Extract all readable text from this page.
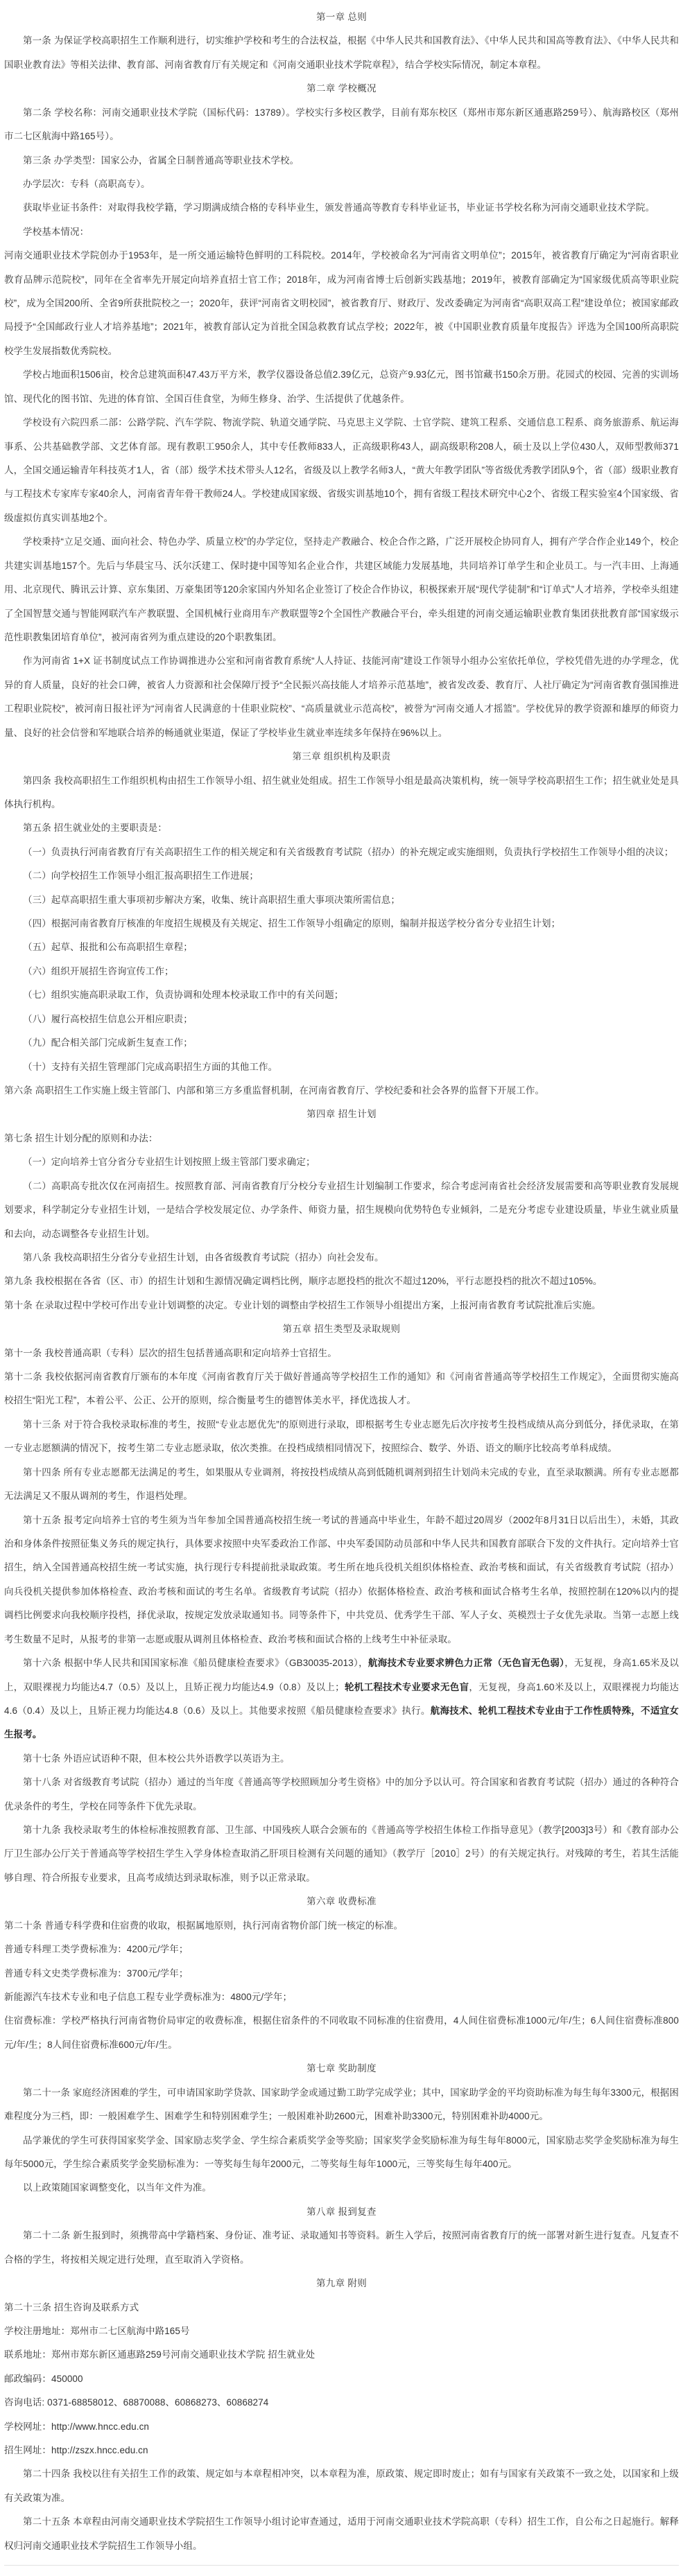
第一章 总则

第一条 为保证学校高职招生工作顺利进行，切实维护学校和考生的合法权益，根据《中华人民共和国教育法》、《中华人民共和国高等教育法》、《中华人民共和国职业教育法》等相关法律、教育部、河南省教育厅有关规定和《河南交通职业技术学院章程》，结合学校实际情况，制定本章程。

第二章 学校概况

第二条 学校名称：河南交通职业技术学院（国标代码：13789）。学校实行多校区教学，目前有郑东校区（郑州市郑东新区通惠路259号）、航海路校区（郑州市二七区航海中路165号）。

第三条 办学类型：国家公办，省属全日制普通高等职业技术学校。

办学层次：专科（高职高专）。

获取毕业证书条件：对取得我校学籍，学习期满成绩合格的专科毕业生，颁发普通高等教育专科毕业证书，毕业证书学校名称为河南交通职业技术学院。

学校基本情况：

河南交通职业技术学院创办于1953年，是一所交通运输特色鲜明的工科院校。2014年，学校被命名为“河南省文明单位”；2015年，被省教育厅确定为“河南省职业教育品牌示范院校”，同年在全省率先开展定向培养直招士官工作；2018年，成为河南省博士后创新实践基地；2019年，被教育部确定为“国家级优质高等职业院校”，成为全国200所、全省9所获批院校之一；2020年，获评“河南省文明校园”，被省教育厅、财政厅、发改委确定为河南省“高职双高工程”建设单位；被国家邮政局授予“全国邮政行业人才培养基地”；2021年，被教育部认定为首批全国急救教育试点学校；2022年，被《中国职业教育质量年度报告》评选为全国100所高职院校学生发展指数优秀院校。

学校占地面积1506亩，校舍总建筑面积47.43万平方米，教学仪器设备总值2.39亿元，总资产9.93亿元，图书馆藏书150余万册。花园式的校园、完善的实训场馆、现代化的图书馆、先进的体育馆、全国百佳食堂，为师生修身、治学、生活提供了优越条件。

学校设有六院四系二部：公路学院、汽车学院、物流学院、轨道交通学院、马克思主义学院、士官学院、建筑工程系、交通信息工程系、商务旅游系、航运海事系、公共基础教学部、文艺体育部。现有教职工950余人，其中专任教师833人，正高级职称43人，副高级职称208人，硕士及以上学位430人，双师型教师371人，全国交通运输青年科技英才1人，省（部）级学术技术带头人12名，省级及以上教学名师3人，“黄大年教学团队”等省级优秀教学团队9个，省（部）级职业教育与工程技术专家库专家40余人，河南省青年骨干教师24人。学校建成国家级、省级实训基地10个，拥有省级工程技术研究中心2个、省级工程实验室4个国家级、省级虚拟仿真实训基地2个。

学校秉持“立足交通、面向社会、特色办学、质量立校”的办学定位，坚持走产教融合、校企合作之路，广泛开展校企协同育人，拥有产学合作企业149个，校企共建实训基地157个。先后与华晨宝马、沃尔沃建工、保时捷中国等知名企业合作，共建区域能力发展基地，共同培养订单学生和企业员工。与一汽丰田、上海通用、北京现代、腾讯云计算、京东集团、万豪集团等120余家国内外知名企业签订了校企合作协议，积极探索开展“现代学徒制”和“订单式”人才培养，学校牵头组建了全国智慧交通与智能网联汽车产教联盟、全国机械行业商用车产教联盟等2个全国性产教融合平台，牵头组建的河南交通运输职业教育集团获批教育部“国家级示范性职教集团培育单位”，被河南省列为重点建设的20个职教集团。

作为河南省 1+X 证书制度试点工作协调推进办公室和河南省教育系统“人人持证、技能河南”建设工作领导小组办公室依托单位，学校凭借先进的办学理念，优异的育人质量，良好的社会口碑，被省人力资源和社会保障厅授予“全民振兴高技能人才培养示范基地”，被省发改委、教育厅、人社厅确定为“河南省教育强国推进工程职业院校”，被河南日报社评为“河南省人民满意的十佳职业院校”、“高质量就业示范高校”，被誉为“河南交通人才摇篮”。学校优异的教学资源和雄厚的师资力量、良好的社会信誉和军地联合培养的畅通就业渠道，保证了学校毕业生就业率连续多年保持在96%以上。

第三章 组织机构及职责

第四条 我校高职招生工作组织机构由招生工作领导小组、招生就业处组成。招生工作领导小组是最高决策机构，统一领导学校高职招生工作；招生就业处是具体执行机构。

第五条 招生就业处的主要职责是：

（一）负责执行河南省教育厅有关高职招生工作的相关规定和有关省级教育考试院（招办）的补充规定或实施细则，负责执行学校招生工作领导小组的决议；

（二）向学校招生工作领导小组汇报高职招生工作进展；

（三）起草高职招生重大事项初步解决方案，收集、统计高职招生重大事项决策所需信息；

（四）根据河南省教育厅核准的年度招生规模及有关规定、招生工作领导小组确定的原则，编制并报送学校分省分专业招生计划；

（五）起草、报批和公布高职招生章程；

（六）组织开展招生咨询宣传工作；

（七）组织实施高职录取工作，负责协调和处理本校录取工作中的有关问题；

（八）履行高校招生信息公开相应职责；

（九）配合相关部门完成新生复查工作；

（十）支持有关招生管理部门完成高职招生方面的其他工作。

第六条 高职招生工作实施上级主管部门、内部和第三方多重监督机制，在河南省教育厅、学校纪委和社会各界的监督下开展工作。

第四章 招生计划

第七条 招生计划分配的原则和办法：

（一）定向培养士官分省分专业招生计划按照上级主管部门要求确定；

（二）高职高专批次仅在河南招生。按照教育部、河南省教育厅分校分专业招生计划编制工作要求，综合考虑河南省社会经济发展需要和高等职业教育发展规划要求，科学制定分专业招生计划，一是结合学校发展定位、办学条件、师资力量，招生规模向优势特色专业倾斜，二是充分考虑专业建设质量，毕业生就业质量和去向，动态调整各专业招生计划。

第八条 我校高职招生分省分专业招生计划，由各省级教育考试院（招办）向社会发布。

第九条 我校根据在各省（区、市）的招生计划和生源情况确定调档比例，顺序志愿投档的批次不超过120%，平行志愿投档的批次不超过105%。

第十条 在录取过程中学校可作出专业计划调整的决定。专业计划的调整由学校招生工作领导小组提出方案，上报河南省教育考试院批准后实施。

第五章 招生类型及录取规则

第十一条 我校普通高职（专科）层次的招生包括普通高职和定向培养士官招生。

第十二条 我校依据河南省教育厅颁布的本年度《河南省教育厅关于做好普通高等学校招生工作的通知》和《河南省普通高等学校招生工作规定》，全面贯彻实施高校招生“阳光工程”，本着公平、公正、公开的原则，综合衡量考生的德智体美水平，择优选拔人才。

第十三条 对于符合我校录取标准的考生，按照“专业志愿优先”的原则进行录取，即根据考生专业志愿先后次序按考生投档成绩从高分到低分，择优录取，在第一专业志愿额满的情况下，按考生第二专业志愿录取，依次类推。在投档成绩相同情况下，按照综合、数学、外语、语文的顺序比较高考单科成绩。

第十四条 所有专业志愿都无法满足的考生，如果服从专业调剂，将按投档成绩从高到低随机调剂到招生计划尚未完成的专业，直至录取额满。所有专业志愿都无法满足又不服从调剂的考生，作退档处理。

第十五条 报考定向培养士官的考生须为当年参加全国普通高校招生统一考试的普通高中毕业生，年龄不超过20周岁（2002年8月31日以后出生），未婚，其政治和身体条件按照征集义务兵的规定执行，具体要求按照中央军委政治工作部、中央军委国防动员部和中华人民共和国教育部联合下发的文件执行。定向培养士官招生，纳入全国普通高校招生统一考试实施，执行现行专科提前批录取政策。考生所在地兵役机关组织体格检查、政治考核和面试，有关省级教育考试院（招办）向兵役机关提供参加体格检查、政治考核和面试的考生名单。省级教育考试院（招办）依据体格检查、政治考核和面试合格考生名单，按照控制在120%以内的提调档比例要求向我校顺序投档，择优录取，按规定发放录取通知书。同等条件下，中共党员、优秀学生干部、军人子女、英模烈士子女优先录取。当第一志愿上线考生数量不足时，从报考的非第一志愿或服从调剂且体格检查、政治考核和面试合格的上线考生中补征录取。

第十六条 根据中华人民共和国国家标准《船员健康检查要求》（GB30035-2013），航海技术专业要求辨色力正常（无色盲无色弱），无复视，身高1.65米及以上，双眼裸视力均能达4.7（0.5）及以上，且矫正视力均能达4.9（0.8）及以上；轮机工程技术专业要求无色盲，无复视，身高1.60米及以上，双眼裸视力均能达4.6（0.4）及以上，且矫正视力均能达4.8（0.6）及以上。其他要求按照《船员健康检查要求》执行。航海技术、轮机工程技术专业由于工作性质特殊，不适宜女生报考。

第十七条 外语应试语种不限，但本校公共外语教学以英语为主。

第十八条 对省级教育考试院（招办）通过的当年度《普通高等学校照顾加分考生资格》中的加分予以认可。符合国家和省教育考试院（招办）通过的各种符合优录条件的考生，学校在同等条件下优先录取。

第十九条 我校录取考生的体检标准按照教育部、卫生部、中国残疾人联合会颁布的《普通高等学校招生体检工作指导意见》（教学[2003]3号）和《教育部办公厅卫生部办公厅关于普通高等学校招生学生入学身体检查取消乙肝项目检测有关问题的通知》（教学厅［2010］2号）的有关规定执行。对残障的考生，若其生活能够自理、符合所报专业要求，且高考成绩达到录取标准，则予以正常录取。

第六章 收费标准

第二十条 普通专科学费和住宿费的收取，根据属地原则，执行河南省物价部门统一核定的标准。

普通专科理工类学费标准为：4200元/学年；

普通专科文史类学费标准为：3700元/学年；

新能源汽车技术专业和电子信息工程专业学费标准为：4800元/学年；

住宿费标准：学校严格执行河南省物价局审定的收费标准，根据住宿条件的不同收取不同标准的住宿费用，4人间住宿费标准1000元/年/生；6人间住宿费标准800元/年/生；8人间住宿费标准600元/年/生。

第七章 奖助制度

第二十一条 家庭经济困难的学生，可申请国家助学贷款、国家助学金或通过勤工助学完成学业；其中，国家助学金的平均资助标准为每生每年3300元，根据困难程度分为三档，即：一般困难学生、困难学生和特别困难学生；一般困难补助2600元，困难补助3300元，特别困难补助4000元。

品学兼优的学生可获得国家奖学金、国家励志奖学金、学生综合素质奖学金等奖励；国家奖学金奖励标准为每生每年8000元，国家励志奖学金奖励标准为每生每年5000元，学生综合素质奖学金奖励标准为：一等奖每生每年2000元，二等奖每生每年1000元，三等奖每生每年400元。

以上政策随国家调整变化，以当年文件为准。

第八章 报到复查

第二十二条 新生报到时，须携带高中学籍档案、身份证、准考证、录取通知书等资料。新生入学后，按照河南省教育厅的统一部署对新生进行复查。凡复查不合格的学生，将按相关规定进行处理，直至取消入学资格。

第九章 附则

第二十三条 招生咨询及联系方式

学校注册地址：郑州市二七区航海中路165号

联系地址：郑州市郑东新区通惠路259号河南交通职业技术学院 招生就业处

邮政编码：450000

咨询电话: 0371-68858012、68870088、60868273、60868274

学校网址：http://www.hncc.edu.cn

招生网址：http://zszx.hncc.edu.cn

第二十四条 我校以往有关招生工作的政策、规定如与本章程相冲突，以本章程为准，原政策、规定即时废止；如有与国家有关政策不一致之处，以国家和上级有关政策为准。

第二十五条 本章程由河南交通职业技术学院招生工作领导小组讨论审查通过，适用于河南交通职业技术学院高职（专科）招生工作，自公布之日起施行。解释权归河南交通职业技术学院招生工作领导小组。
